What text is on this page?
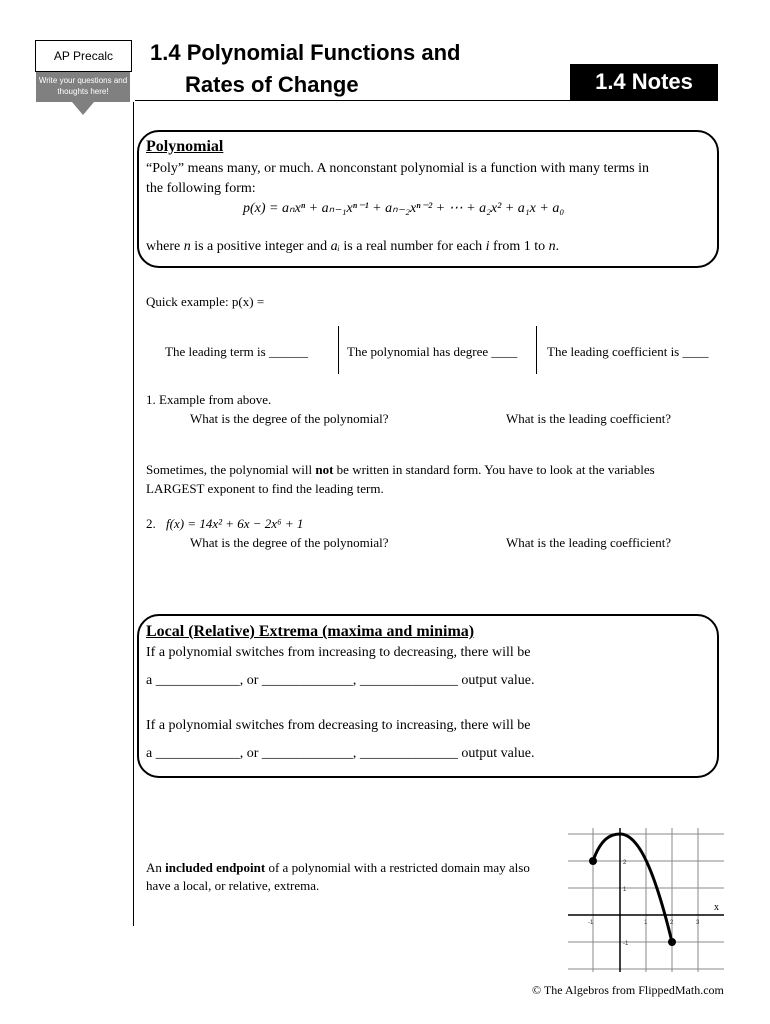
AP Precalc
Write your questions and thoughts here!
1.4 Polynomial Functions and
Rates of Change	1.4 Notes
Polynomial
“Poly” means many, or much. A nonconstant polynomial is a function with many terms in
the following form:
p(x) = aₙxⁿ + aₙ₋₁xⁿ⁻¹ + aₙ₋₂xⁿ⁻² + ⋯ + a₂x² + a₁x + a₀
where n is a positive integer and aᵢ is a real number for each i from 1 to n.
Quick example: p(x) =
The leading term is ______	The polynomial has degree ____ The leading coefficient is ____
1. Example from above.
What is the degree of the polynomial?	What is the leading coefficient?
Sometimes, the polynomial will not be written in standard form. You have to look at the variables
LARGEST exponent to find the leading term.
2. f(x) = 14x² + 6x − 2x⁶ + 1
What is the degree of the polynomial?	What is the leading coefficient?
Local (Relative) Extrema (maxima and minima)
If a polynomial switches from increasing to decreasing, there will be
a ____________, or _____________, ______________ output value.
If a polynomial switches from decreasing to increasing, there will be
a ____________, or _____________, ______________ output value.
An included endpoint of a polynomial with a restricted domain may also
have a local, or relative, extrema.
x
-1	1	2	3
2
1
-1
© The Algebros from FlippedMath.com
